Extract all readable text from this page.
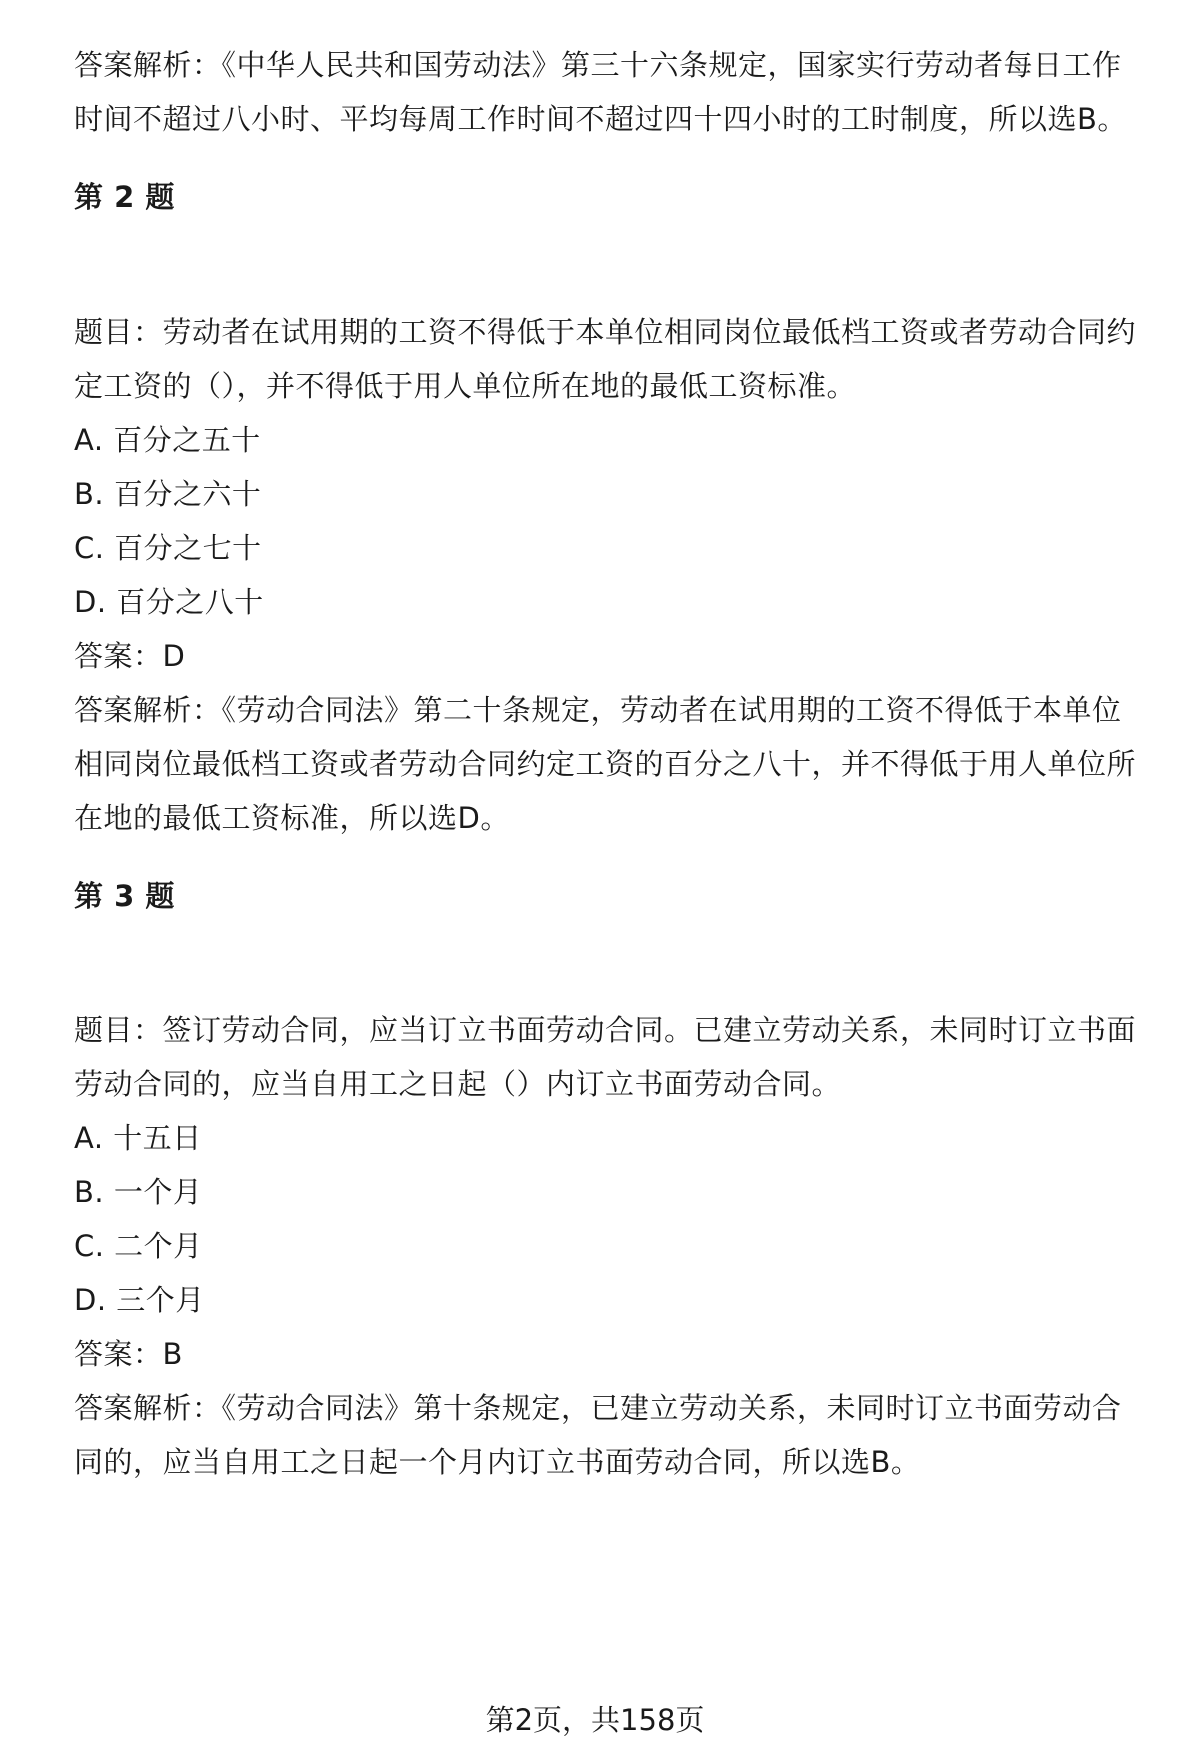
答案解析：《中华人民共和国劳动法》第三十六条规定，国家实行劳动者每日工作
时间不超过八小时、平均每周工作时间不超过四十四小时的工时制度，所以选B。
第 2 题
题目：劳动者在试用期的工资不得低于本单位相同岗位最低档工资或者劳动合同约
定工资的（），并不得低于用人单位所在地的最低工资标准。
A. 百分之五十
B. 百分之六十
C. 百分之七十
D. 百分之八十
答案：D
答案解析：《劳动合同法》第二十条规定，劳动者在试用期的工资不得低于本单位
相同岗位最低档工资或者劳动合同约定工资的百分之八十，并不得低于用人单位所
在地的最低工资标准，所以选D。
第 3 题
题目：签订劳动合同，应当订立书面劳动合同。已建立劳动关系，未同时订立书面
劳动合同的，应当自用工之日起（）内订立书面劳动合同。
A. 十五日
B. 一个月
C. 二个月
D. 三个月
答案：B
答案解析：《劳动合同法》第十条规定，已建立劳动关系，未同时订立书面劳动合
同的，应当自用工之日起一个月内订立书面劳动合同，所以选B。
第2页，共158页
